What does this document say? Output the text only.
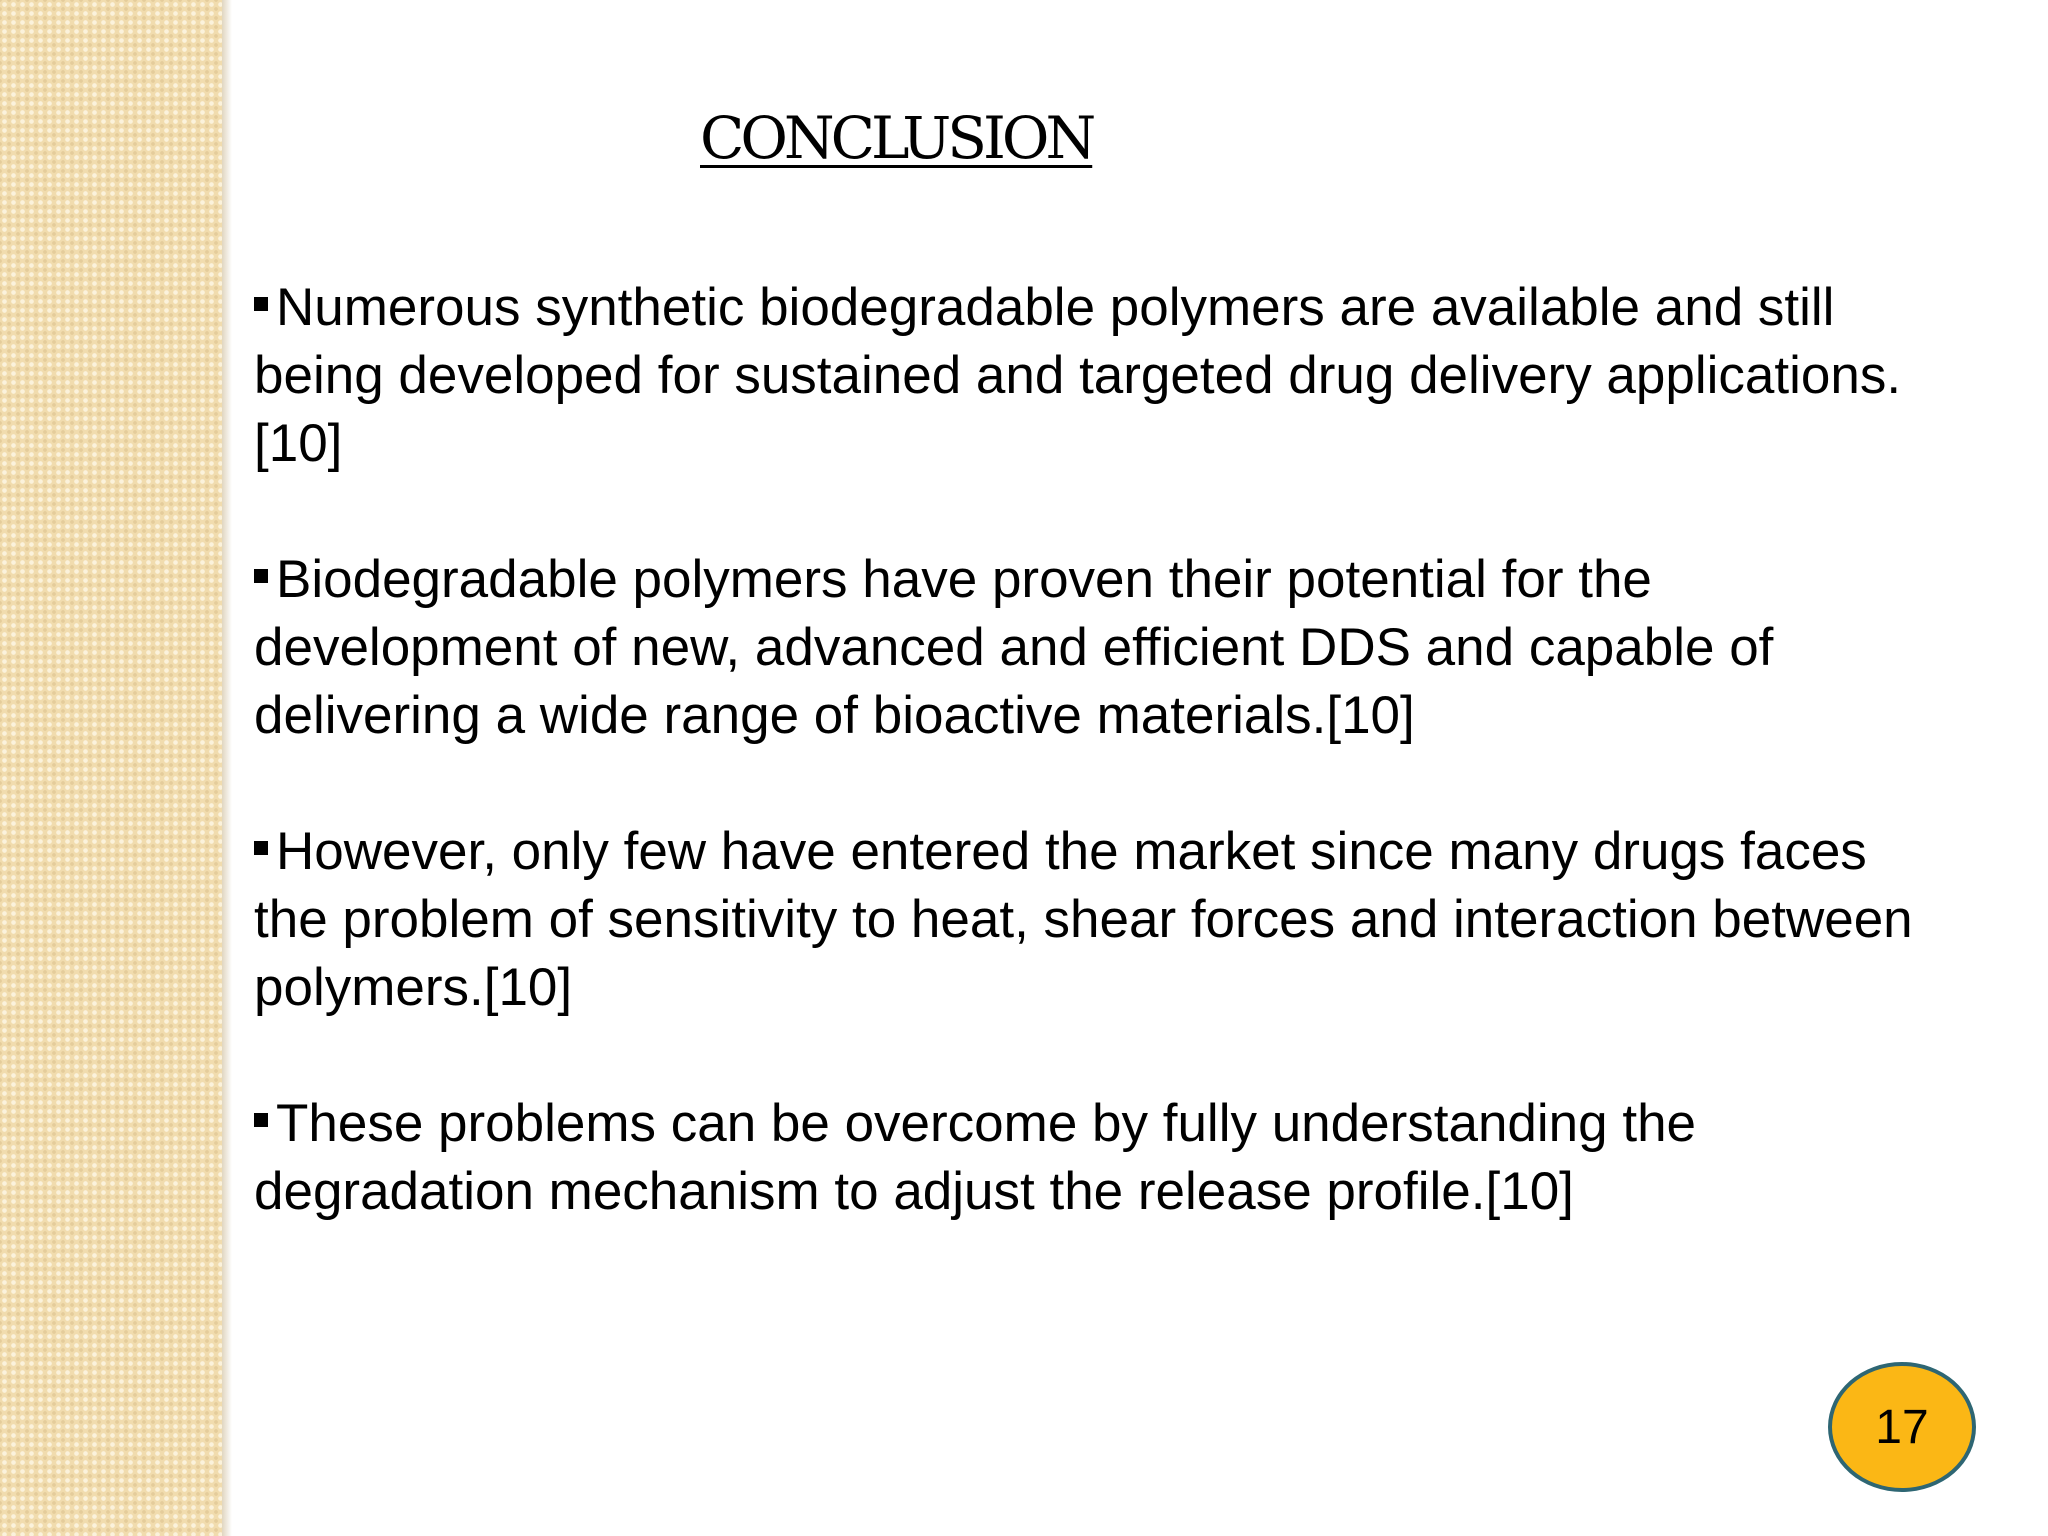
CONCLUSION

Numerous synthetic biodegradable polymers are available and still being developed for sustained and targeted drug delivery applications.[10]

Biodegradable polymers have proven their potential for the development of new, advanced and efficient DDS and capable of delivering a wide range of bioactive materials.[10]

However, only few have entered the market since many drugs faces the problem of sensitivity to heat, shear forces and interaction between polymers.[10]

These problems can be overcome by fully understanding the degradation mechanism to adjust the release profile.[10]

17
